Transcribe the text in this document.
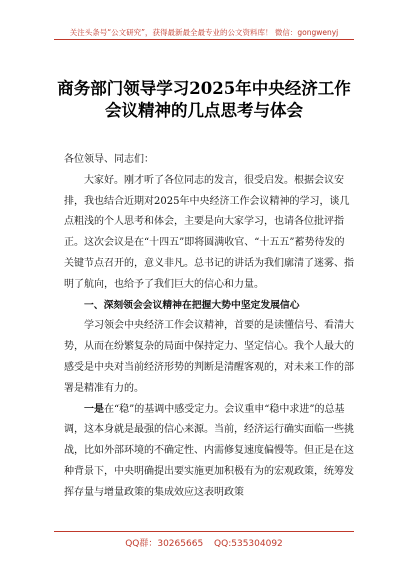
关注头条号“公文研究”，获得最新最全最专业的公文资料库！ 微信：gongwenyj
商务部门领导学习2025年中央经济工作
会议精神的几点思考与体会

各位领导、同志们：

大家好。刚才听了各位同志的发言，很受启发。根据会议安排，我也结合近期对2025年中央经济工作会议精神的学习，谈几点粗浅的个人思考和体会，主要是向大家学习，也请各位批评指正。这次会议是在“十四五”即将圆满收官、“十五五”蓄势待发的关键节点召开的，意义非凡。总书记的讲话为我们廓清了迷雾、指明了航向，也给予了我们巨大的信心和力量。

一、深刻领会会议精神在把握大势中坚定发展信心

学习领会中央经济工作会议精神，首要的是读懂信号、看清大势，从而在纷繁复杂的局面中保持定力、坚定信心。我个人最大的感受是中央对当前经济形势的判断是清醒客观的，对未来工作的部署是精准有力的。

一是在“稳”的基调中感受定力。会议重申“稳中求进”的总基调，这本身就是最强的信心来源。当前，经济运行确实面临一些挑战，比如外部环境的不确定性、内需修复速度偏慢等。但正是在这种背景下，中央明确提出要实施更加积极有为的宏观政策，统筹发挥存量与增量政策的集成效应这表明政策

QQ群：30265665 QQ:535304092
